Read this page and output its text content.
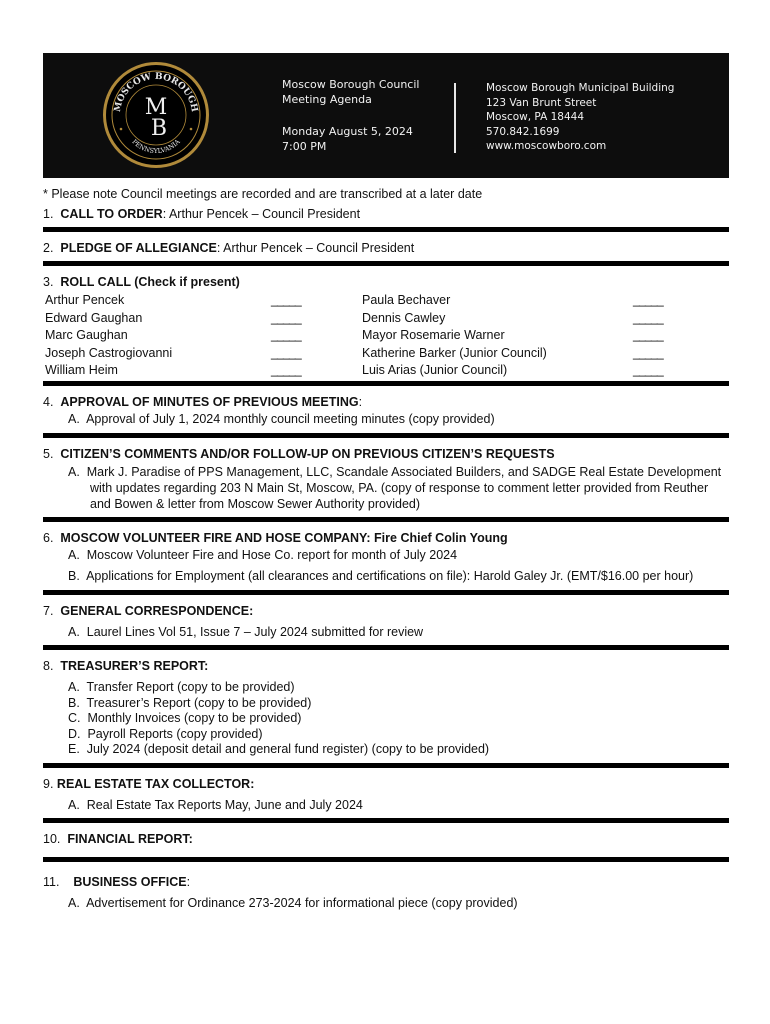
MOSCOW BOROUGH
PENNSYLVANIA
M
B
Moscow Borough Council
Meeting Agenda
Monday August 5, 2024
7:00 PM
Moscow Borough Municipal Building
123 Van Brunt Street
Moscow, PA 18444
570.842.1699
www.moscowboro.com
* Please note Council meetings are recorded and are transcribed at a later date
1. CALL TO ORDER: Arthur Pencek – Council President
2. PLEDGE OF ALLEGIANCE: Arthur Pencek – Council President
3. ROLL CALL (Check if present)
Arthur Pencek
Edward Gaughan
Marc Gaughan
Joseph Castrogiovanni
William Heim
_____
_____
_____
_____
_____
Paula Bechaver
Dennis Cawley
Mayor Rosemarie Warner
Katherine Barker (Junior Council)
Luis Arias (Junior Council)
_____
_____
_____
_____
_____
4. APPROVAL OF MINUTES OF PREVIOUS MEETING:
A. Approval of July 1, 2024 monthly council meeting minutes (copy provided)
5. CITIZEN’S COMMENTS AND/OR FOLLOW-UP ON PREVIOUS CITIZEN’S REQUESTS
A. Mark J. Paradise of PPS Management, LLC, Scandale Associated Builders, and SADGE Real Estate Development with updates regarding 203 N Main St, Moscow, PA. (copy of response to comment letter provided from Reuther and Bowen & letter from Moscow Sewer Authority provided)
6. MOSCOW VOLUNTEER FIRE AND HOSE COMPANY: Fire Chief Colin Young
A. Moscow Volunteer Fire and Hose Co. report for month of July 2024
B. Applications for Employment (all clearances and certifications on file): Harold Galey Jr. (EMT/$16.00 per hour)
7. GENERAL CORRESPONDENCE:
A. Laurel Lines Vol 51, Issue 7 – July 2024 submitted for review
8. TREASURER’S REPORT:
A. Transfer Report (copy to be provided)
B. Treasurer’s Report (copy to be provided)
C. Monthly Invoices (copy to be provided)
D. Payroll Reports (copy provided)
E. July 2024 (deposit detail and general fund register) (copy to be provided)
9. REAL ESTATE TAX COLLECTOR:
A. Real Estate Tax Reports May, June and July 2024
10. FINANCIAL REPORT:
11. BUSINESS OFFICE:
A. Advertisement for Ordinance 273-2024 for informational piece (copy provided)
